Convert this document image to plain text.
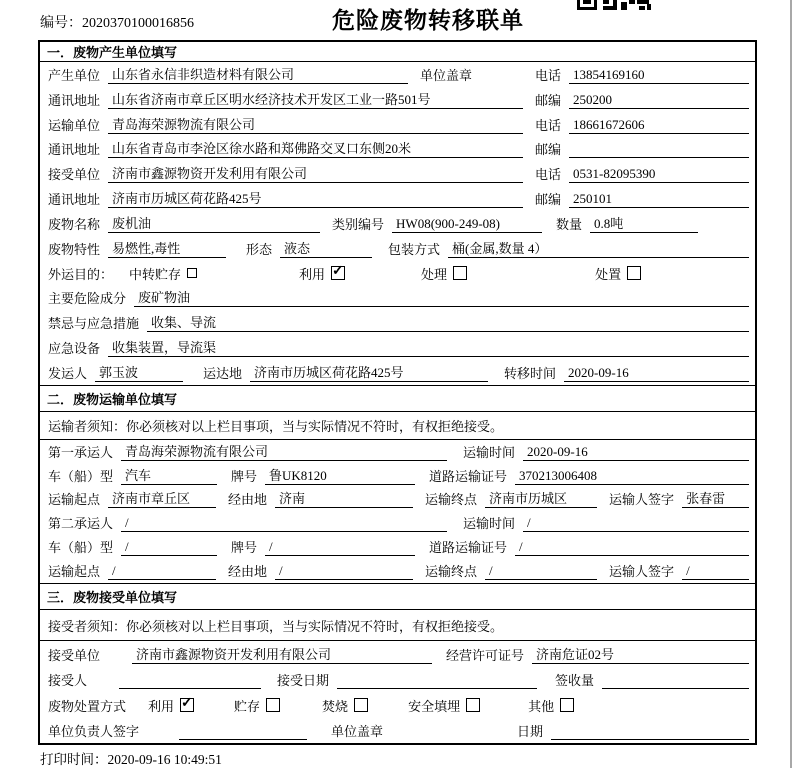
编号：2020370100016856	危险废物转移联单
一．废物产生单位填写
产生单位 山东省永信非织造材料有限公司	单位盖章	电话 13854169160
通讯地址 山东省济南市章丘区明水经济技术开发区工业一路501号	邮编 250200
运输单位 青岛海荣源物流有限公司	电话 18661672606
通讯地址 山东省青岛市李沧区徐水路和郑佛路交叉口东侧20米	邮编
接受单位 济南市鑫源物资开发利用有限公司	电话 0531-82095390
通讯地址 济南市历城区荷花路425号	邮编 250101
废物名称 废机油	类别编号 HW08(900-249-08)	数量 0.8吨
废物特性 易燃性,毒性	形态 液态	包装方式 桶(金属,数量 4）
外运目的： 中转贮存	利用 ✓	处理	处置
主要危险成分 废矿物油
禁忌与应急措施 收集、导流
应急设备 收集装置，导流渠
发运人 郭玉波	运达地 济南市历城区荷花路425号	转移时间 2020-09-16
二．废物运输单位填写
运输者须知：你必须核对以上栏目事项，当与实际情况不符时，有权拒绝接受。
第一承运人 青岛海荣源物流有限公司	运输时间 2020-09-16
车（船）型 汽车	牌号 鲁UK8120	道路运输证号 370213006408
运输起点 济南市章丘区	经由地 济南	运输终点 济南市历城区	运输人签字 张春雷
第二承运人 /	运输时间 /
车（船）型 /	牌号 /	道路运输证号 /
运输起点 /	经由地 /	运输终点 /	运输人签字 /
三．废物接受单位填写
接受者须知：你必须核对以上栏目事项，当与实际情况不符时，有权拒绝接受。
接受单位	济南市鑫源物资开发利用有限公司	经营许可证号 济南危证02号
接受人	接受日期	签收量
废物处置方式 利用 ✓	贮存	焚烧	安全填埋	其他
单位负责人签字	单位盖章	日期
打印时间：2020-09-16 10:49:51
